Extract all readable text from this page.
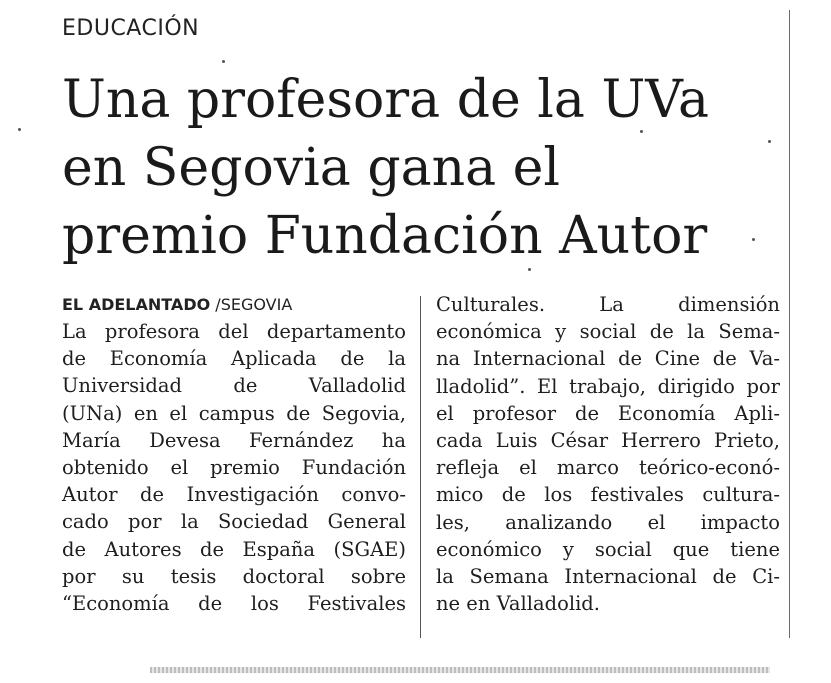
EDUCACIÓN
Una profesora de la UVa
en Segovia gana el
premio Fundación Autor
EL ADELANTADO /SEGOVIA
La profesora del departamento
de Economía Aplicada de la
Universidad de Valladolid
(UNa) en el campus de Segovia,
María Devesa Fernández ha
obtenido el premio Fundación
Autor de Investigación convo-
cado por la Sociedad General
de Autores de España (SGAE)
por su tesis doctoral sobre
“Economía de los Festivales
Culturales. La dimensión
económica y social de la Sema-
na Internacional de Cine de Va-
lladolid”. El trabajo, dirigido por
el profesor de Economía Apli-
cada Luis César Herrero Prieto,
refleja el marco teórico-econó-
mico de los festivales cultura-
les, analizando el impacto
económico y social que tiene
la Semana Internacional de Ci-
ne en Valladolid.
